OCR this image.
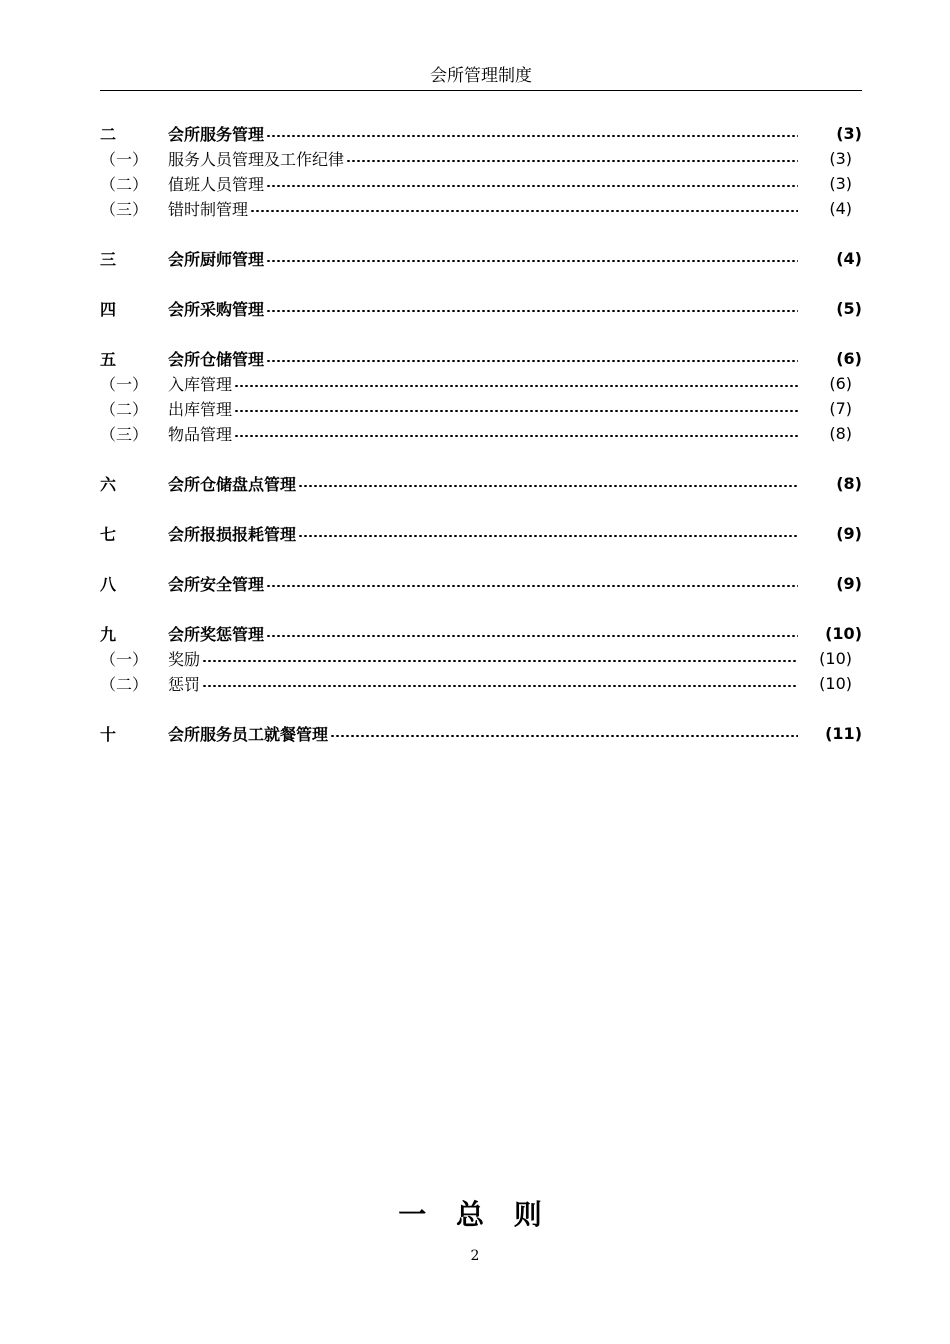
会所管理制度
二	会所服务管理	(3)
（一）	服务人员管理及工作纪律	(3)
（二）	值班人员管理	(3)
（三）	错时制管理	(4)
三	会所厨师管理	(4)
四	会所采购管理	(5)
五	会所仓储管理	(6)
（一）	入库管理	(6)
（二）	出库管理	(7)
（三）	物品管理	(8)
六	会所仓储盘点管理	(8)
七	会所报损报耗管理	(9)
八	会所安全管理	(9)
九	会所奖惩管理	(10)
（一）	奖励	(10)
（二）	惩罚	(10)
十	会所服务员工就餐管理	(11)
一 总 则
2
